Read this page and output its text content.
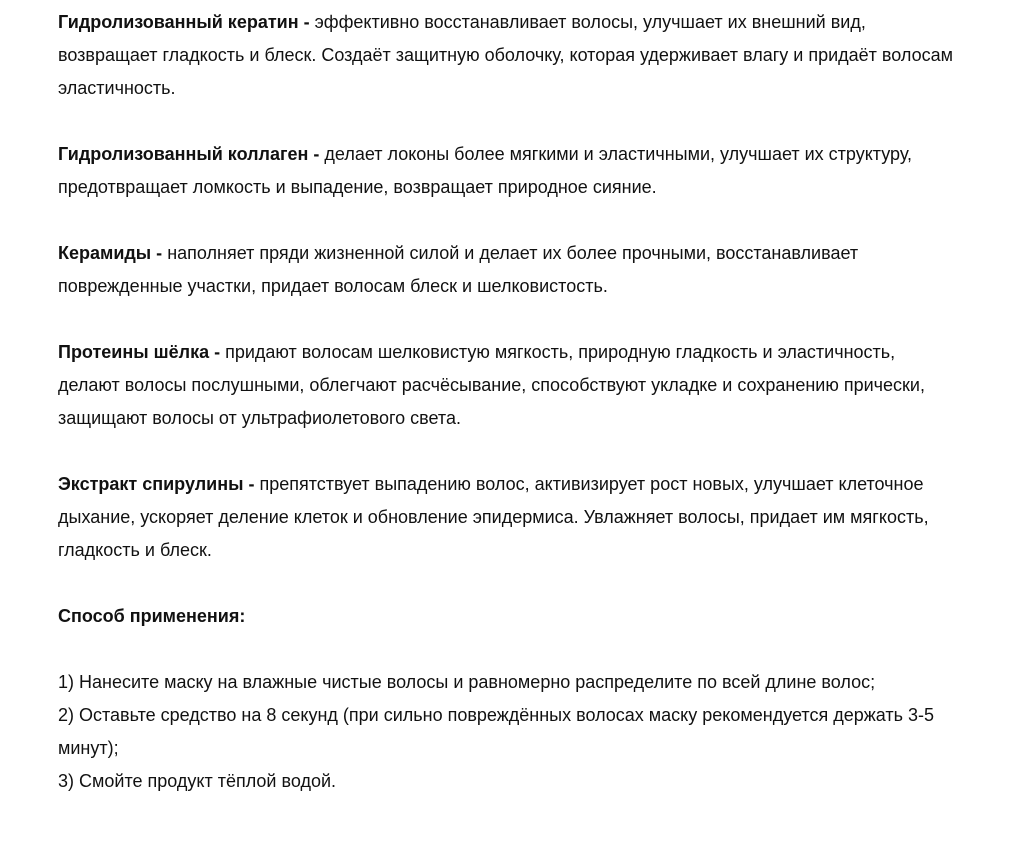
Гидролизованный кератин - эффективно восстанавливает волосы, улучшает их внешний вид, возвращает гладкость и блеск. Создаёт защитную оболочку, которая удерживает влагу и придаёт волосам эластичность.

Гидролизованный коллаген - делает локоны более мягкими и эластичными, улучшает их структуру, предотвращает ломкость и выпадение, возвращает природное сияние.

Керамиды - наполняет пряди жизненной силой и делает их более прочными, восстанавливает поврежденные участки, придает волосам блеск и шелковистость.

Протеины шёлка - придают волосам шелковистую мягкость, природную гладкость и эластичность, делают волосы послушными, облегчают расчёсывание, способствуют укладке и сохранению прически, защищают волосы от ультрафиолетового света.

Экстракт спирулины - препятствует выпадению волос, активизирует рост новых, улучшает клеточное дыхание, ускоряет деление клеток и обновление эпидермиса. Увлажняет волосы, придает им мягкость, гладкость и блеск.

Способ применения:

1) Нанесите маску на влажные чистые волосы и равномерно распределите по всей длине волос;

2) Оставьте средство на 8 секунд (при сильно повреждённых волосах маску рекомендуется держать 3-5 минут);

3) Смойте продукт тёплой водой.
